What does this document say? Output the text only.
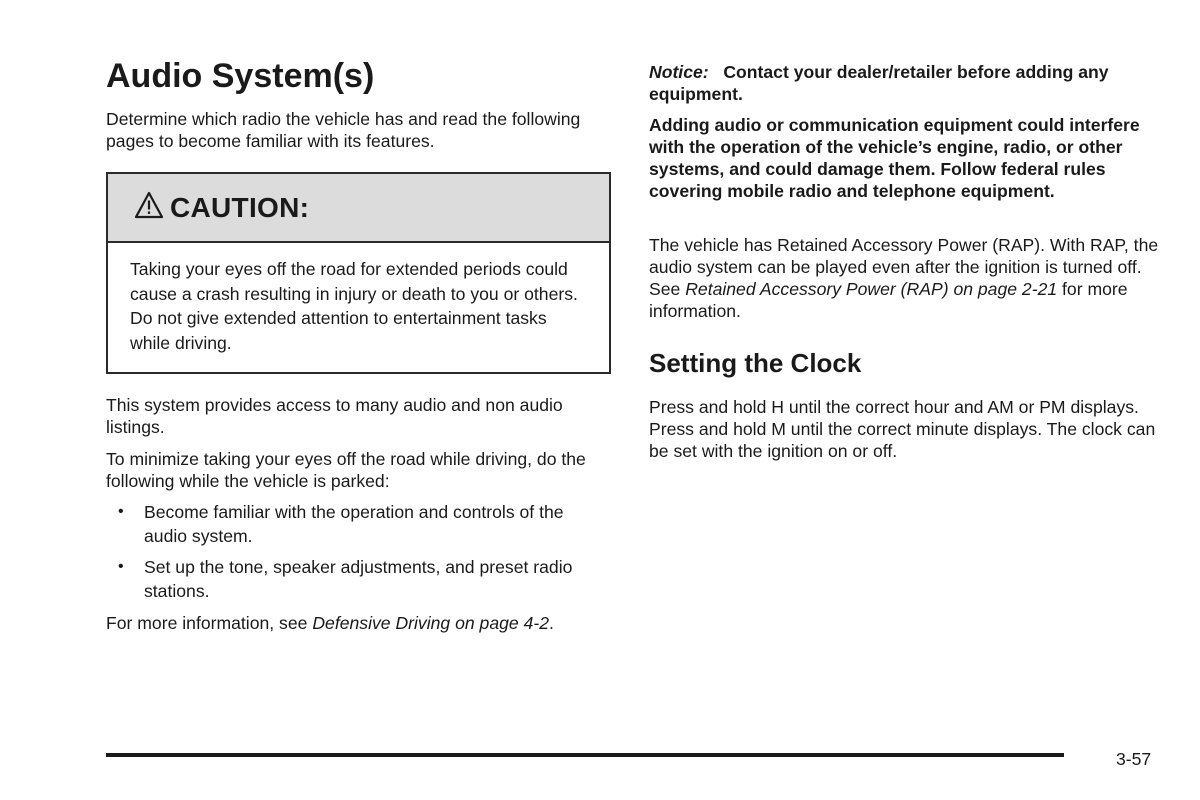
Audio System(s)

Determine which radio the vehicle has and read the following pages to become familiar with its features.

CAUTION:
Taking your eyes off the road for extended periods could cause a crash resulting in injury or death to you or others. Do not give extended attention to entertainment tasks while driving.

This system provides access to many audio and non audio listings.

To minimize taking your eyes off the road while driving, do the following while the vehicle is parked:

• Become familiar with the operation and controls of the audio system.
• Set up the tone, speaker adjustments, and preset radio stations.

For more information, see Defensive Driving on page 4-2.

Notice: Contact your dealer/retailer before adding any equipment.

Adding audio or communication equipment could interfere with the operation of the vehicle’s engine, radio, or other systems, and could damage them. Follow federal rules covering mobile radio and telephone equipment.

The vehicle has Retained Accessory Power (RAP). With RAP, the audio system can be played even after the ignition is turned off. See Retained Accessory Power (RAP) on page 2-21 for more information.

Setting the Clock

Press and hold H until the correct hour and AM or PM displays. Press and hold M until the correct minute displays. The clock can be set with the ignition on or off.

3-57
